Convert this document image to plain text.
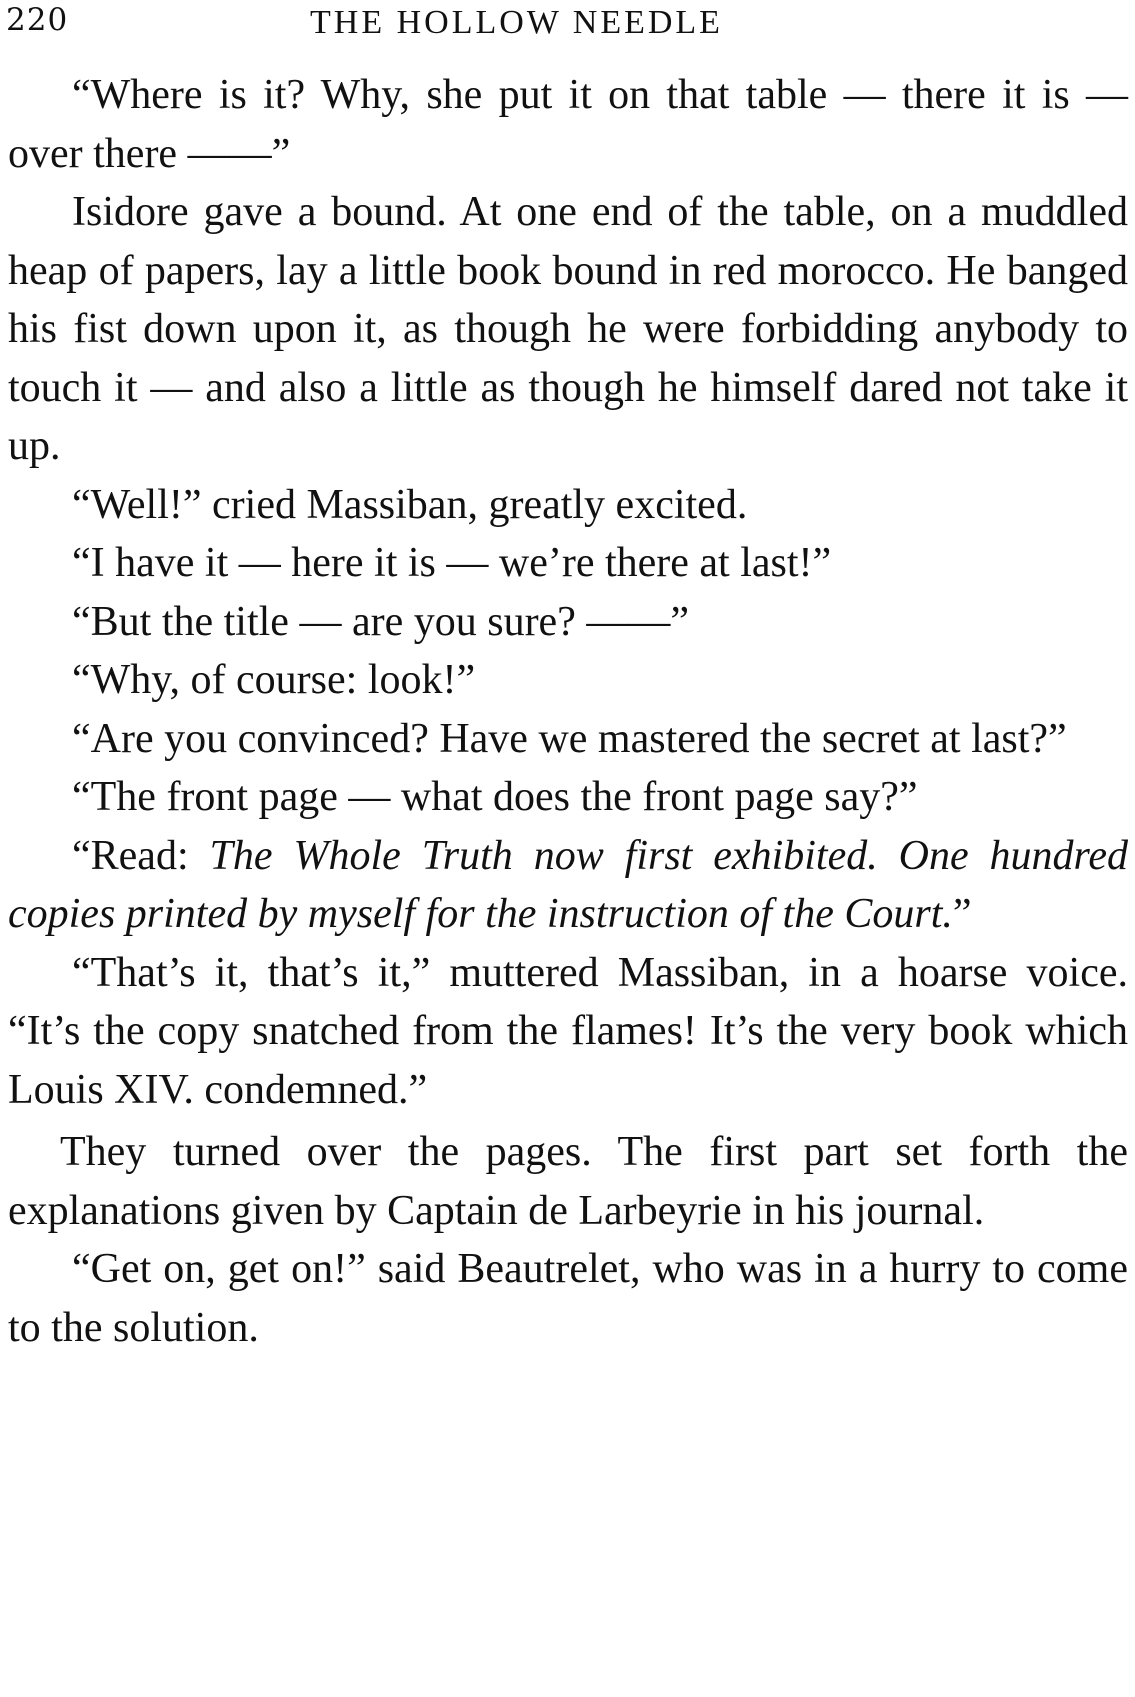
220	THE HOLLOW NEEDLE

“Where is it? Why, she put it on that table — there it is — over there ——”

Isidore gave a bound. At one end of the table, on a muddled heap of papers, lay a little book bound in red morocco. He banged his fist down upon it, as though he were forbidding anybody to touch it — and also a little as though he himself dared not take it up.

“Well!” cried Massiban, greatly excited.

“I have it — here it is — we’re there at last!”

“But the title — are you sure? ——”

“Why, of course: look!”

“Are you convinced? Have we mastered the secret at last?”

“The front page — what does the front page say?”

“Read: The Whole Truth now first exhibited. One hundred copies printed by myself for the instruction of the Court.”

“That’s it, that’s it,” muttered Massiban, in a hoarse voice. “It’s the copy snatched from the flames! It’s the very book which Louis XIV. condemned.”

They turned over the pages. The first part set forth the explanations given by Captain de Larbeyrie in his journal.

“Get on, get on!” said Beautrelet, who was in a hurry to come to the solution.
